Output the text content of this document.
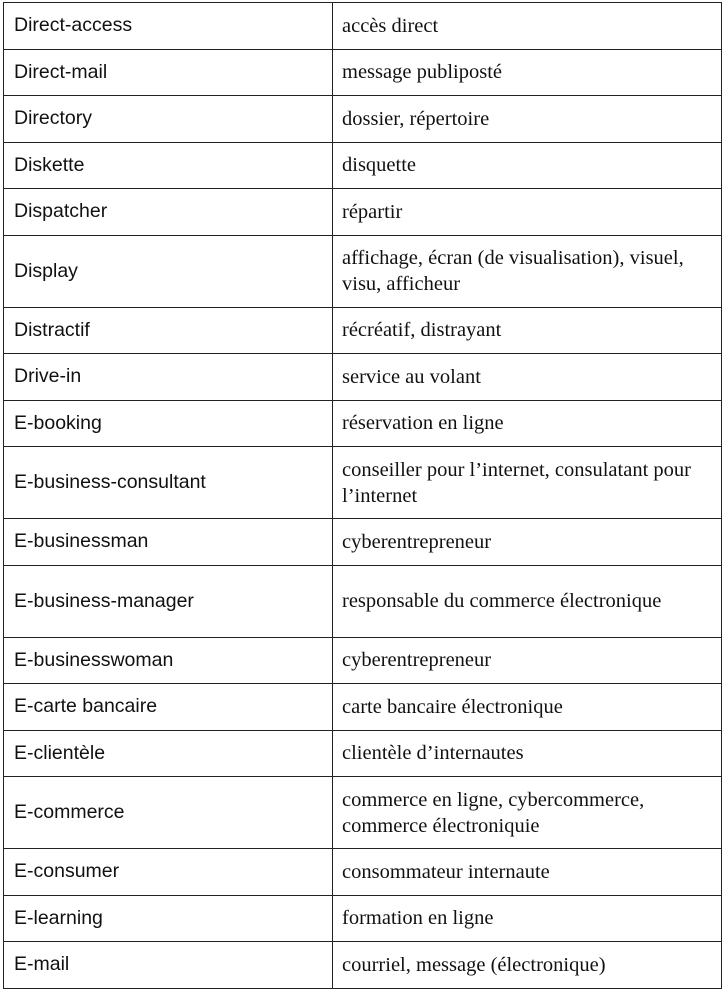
Direct-access	accès direct
Direct-mail	message publiposté
Directory	dossier, répertoire
Diskette	disquette
Dispatcher	répartir
Display	affichage, écran (de visualisation), visuel, visu, afficheur
Distractif	récréatif, distrayant
Drive-in	service au volant
E-booking	réservation en ligne
E-business-consultant	conseiller pour l’internet, consulatant pour l’internet
E-businessman	cyberentrepreneur
E-business-manager	responsable du commerce électronique
E-businesswoman	cyberentrepreneur
E-carte bancaire	carte bancaire électronique
E-clientèle	clientèle d’internautes
E-commerce	commerce en ligne, cybercommerce, commerce électroniquie
E-consumer	consommateur internaute
E-learning	formation en ligne
E-mail	courriel, message (électronique)
